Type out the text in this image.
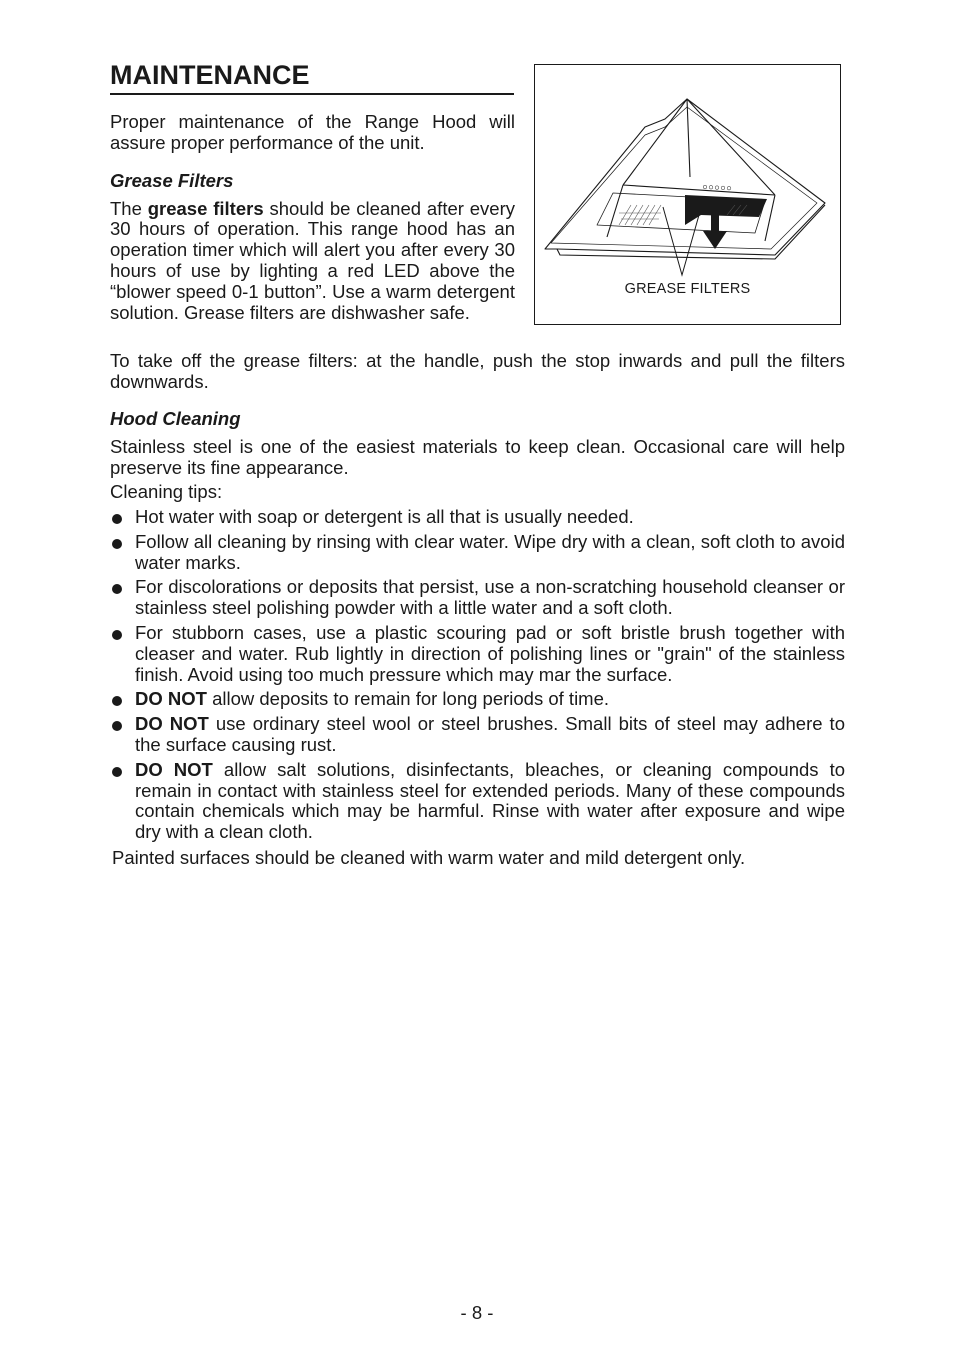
MAINTENANCE

Proper maintenance of the Range Hood will assure proper performance of the unit.

Grease Filters

The grease filters should be cleaned after every 30 hours of operation. This range hood has an operation timer which will alert you after every 30 hours of use by lighting a red LED above the “blower speed 0-1 button”. Use a warm detergent solution. Grease filters are dishwasher safe.

GREASE FILTERS

To take off the grease filters: at the handle, push the stop inwards and pull the filters downwards.

Hood Cleaning

Stainless steel is one of the easiest materials to keep clean. Occasional care will help preserve its fine appearance.

Cleaning tips:

Hot water with soap or detergent is all that is usually needed.
Follow all cleaning by rinsing with clear water. Wipe dry with a clean, soft cloth to avoid water marks.
For discolorations or deposits that persist, use a non-scratching household cleanser or stainless steel polishing powder with a little water and a soft cloth.
For stubborn cases, use a plastic scouring pad or soft bristle brush together with cleaser and water. Rub lightly in direction of polishing lines or "grain" of the stainless finish. Avoid using too much pressure which may mar the surface.
DO NOT allow deposits to remain for long periods of time.
DO NOT use ordinary steel wool or steel brushes. Small bits of steel may adhere to the surface causing rust.
DO NOT allow salt solutions, disinfectants, bleaches, or cleaning compounds to remain in contact with stainless steel for extended periods. Many of these compounds contain chemicals which may be harmful. Rinse with water after exposure and wipe dry with a clean cloth.

Painted surfaces should be cleaned with warm water and mild detergent only.

- 8 -
